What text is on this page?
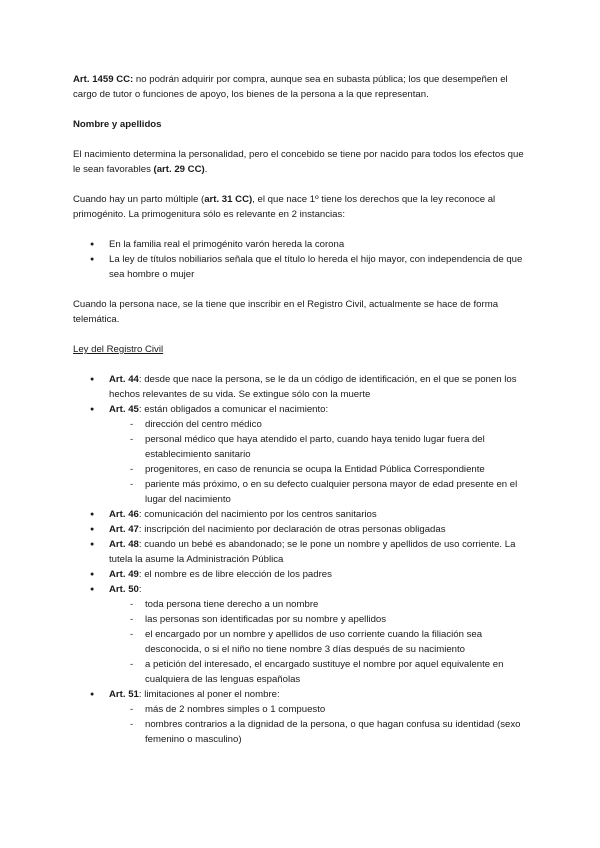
Art. 1459 CC: no podrán adquirir por compra, aunque sea en subasta pública; los que desempeñen el cargo de tutor o funciones de apoyo, los bienes de la persona a la que representan.

Nombre y apellidos

El nacimiento determina la personalidad, pero el concebido se tiene por nacido para todos los efectos que le sean favorables (art. 29 CC).

Cuando hay un parto múltiple (art. 31 CC), el que nace 1º tiene los derechos que la ley reconoce al primogénito. La primogenitura sólo es relevante en 2 instancias:

● En la familia real el primogénito varón hereda la corona
● La ley de títulos nobiliarios señala que el título lo hereda el hijo mayor, con independencia de que sea hombre o mujer

Cuando la persona nace, se la tiene que inscribir en el Registro Civil, actualmente se hace de forma telemática.

Ley del Registro Civil

● Art. 44: desde que nace la persona, se le da un código de identificación, en el que se ponen los hechos relevantes de su vida. Se extingue sólo con la muerte
● Art. 45: están obligados a comunicar el nacimiento:
- dirección del centro médico
- personal médico que haya atendido el parto, cuando haya tenido lugar fuera del establecimiento sanitario
- progenitores, en caso de renuncia se ocupa la Entidad Pública Correspondiente
- pariente más próximo, o en su defecto cualquier persona mayor de edad presente en el lugar del nacimiento
● Art. 46: comunicación del nacimiento por los centros sanitarios
● Art. 47: inscripción del nacimiento por declaración de otras personas obligadas
● Art. 48: cuando un bebé es abandonado; se le pone un nombre y apellidos de uso corriente. La tutela la asume la Administración Pública
● Art. 49: el nombre es de libre elección de los padres
● Art. 50:
- toda persona tiene derecho a un nombre
- las personas son identificadas por su nombre y apellidos
- el encargado por un nombre y apellidos de uso corriente cuando la filiación sea desconocida, o si el niño no tiene nombre 3 días después de su nacimiento
- a petición del interesado, el encargado sustituye el nombre por aquel equivalente en cualquiera de las lenguas españolas
● Art. 51: limitaciones al poner el nombre:
- más de 2 nombres simples o 1 compuesto
- nombres contrarios a la dignidad de la persona, o que hagan confusa su identidad (sexo femenino o masculino)
